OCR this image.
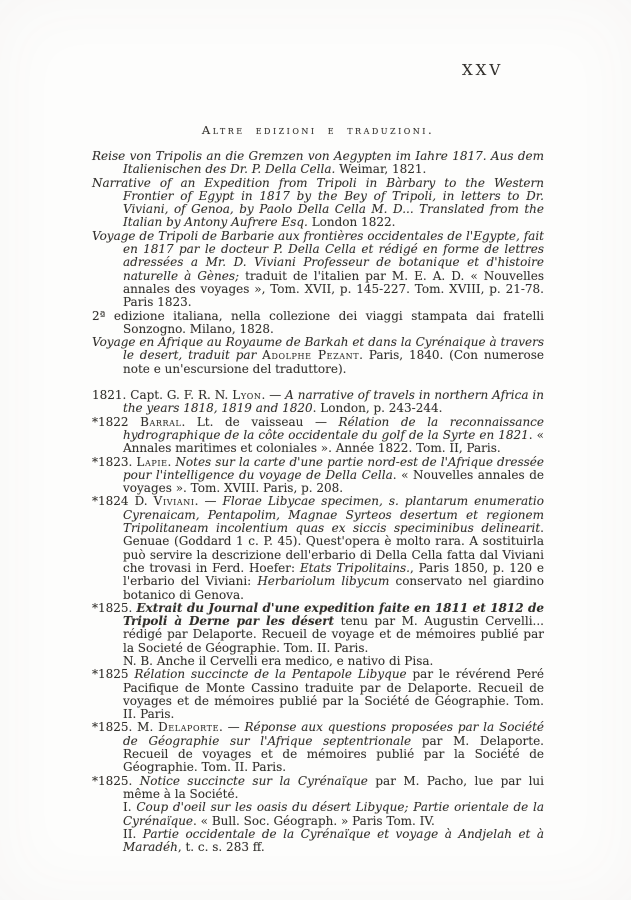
XXV
Altre edizioni e traduzioni.

Reise von Tripolis an die Gremzen von Aegypten im Iahre 1817. Aus dem Italienischen des Dr. P. Della Cella. Weimar, 1821.

Narrative of an Expedition from Tripoli in Bàrbary to the Western Frontier of Egypt in 1817 by the Bey of Tripoli, in letters to Dr. Viviani, of Genoa, by Paolo Della Cella M. D... Translated from the Italian by Antony Aufrere Esq. London 1822.

Voyage de Tripoli de Barbarie aux frontières occidentales de l'Egypte, fait en 1817 par le docteur P. Della Cella et rédigé en forme de lettres adressées a Mr. D. Viviani Professeur de botanique et d'histoire naturelle à Gènes; traduit de l'italien par M. E. A. D. « Nouvelles annales des voyages », Tom. XVII, p. 145-227. Tom. XVIII, p. 21-78. Paris 1823.

2ª edizione italiana, nella collezione dei viaggi stampata dai fratelli Sonzogno. Milano, 1828.

Voyage en Afrique au Royaume de Barkah et dans la Cyrénaique à travers le desert, traduit par Adolphe Pezant. Paris, 1840. (Con numerose note e un'escursione del traduttore).

1821. Capt. G. F. R. N. Lyon. — A narrative of travels in northern Africa in the years 1818, 1819 and 1820. London, p. 243-244.

*1822 Barral. Lt. de vaisseau — Rélation de la reconnaissance hydrographique de la côte occidentale du golf de la Syrte en 1821. « Annales maritimes et coloniales ». Année 1822. Tom. II, Paris.

*1823. Lapie. Notes sur la carte d'une partie nord-est de l'Afrique dressée pour l'intelligence du voyage de Della Cella. « Nouvelles annales de voyages ». Tom. XVIII. Paris, p. 208.

*1824 D. Viviani. — Florae Libycae specimen, s. plantarum enumeratio Cyrenaicam, Pentapolim, Magnae Syrteos desertum et regionem Tripolitaneam incolentium quas ex siccis speciminibus delinearit. Genuae (Goddard 1 c. P. 45). Quest'opera è molto rara. A sostituirla può servire la descrizione dell'erbario di Della Cella fatta dal Viviani che trovasi in Ferd. Hoefer: Etats Tripolitains., Paris 1850, p. 120 e l'erbario del Viviani: Herbariolum libycum conservato nel giardino botanico di Genova.

*1825. Extrait du Journal d'une expedition faite en 1811 et 1812 de Tripoli à Derne par les désert tenu par M. Augustin Cervelli... rédigé par Delaporte. Recueil de voyage et de mémoires publié par la Societé de Géographie. Tom. II. Paris.

N. B. Anche il Cervelli era medico, e nativo di Pisa.

*1825 Rélation succincte de la Pentapole Libyque par le révérend Peré Pacifique de Monte Cassino traduite par de Delaporte. Recueil de voyages et de mémoires publié par la Société de Géographie. Tom. II. Paris.

*1825. M. Delaporte. — Réponse aux questions proposées par la Société de Géographie sur l'Afrique septentrionale par M. Delaporte. Recueil de voyages et de mémoires publié par la Société de Géographie. Tom. II. Paris.

*1825. Notice succincte sur la Cyrénaïque par M. Pacho, lue par lui même à la Société.

I. Coup d'oeil sur les oasis du désert Libyque; Partie orientale de la Cyrénaïque. « Bull. Soc. Géograph. » Paris Tom. IV.

II. Partie occidentale de la Cyrénaïque et voyage à Andjelah et à Maradéh, t. c. s. 283 ff.
